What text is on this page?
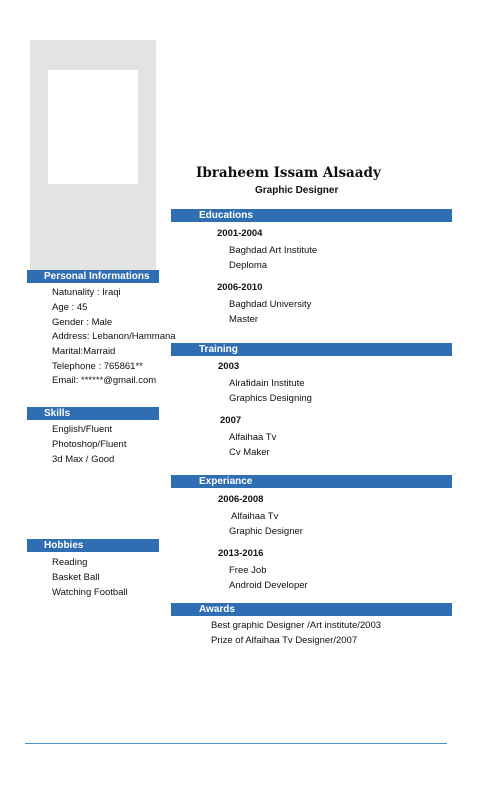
Personal Informations
Natunality : Iraqi
Age : 45
Gender : Male
Address: Lebanon/Hammana
Marital:Marraid
Telephone : 765861**
Email: ******@gmail.com
Skills
English/Fluent
Photoshop/Fluent
3d Max / Good
Hobbies
Reading
Basket Ball
Watching Football
Ibraheem Issam Alsaady
Graphic Designer
Educations
2001-2004
Baghdad Art Institute
Deploma
2006-2010
Baghdad University
Master
Training
2003
Alrafidain Institute
Graphics Designing
2007
Alfaihaa Tv
Cv Maker
Experiance
2006-2008
Alfaihaa Tv
Graphic Designer
2013-2016
Free Job
Android Developer
Awards
Best graphic Designer /Art institute/2003
Prize of Alfaihaa Tv Designer/2007
